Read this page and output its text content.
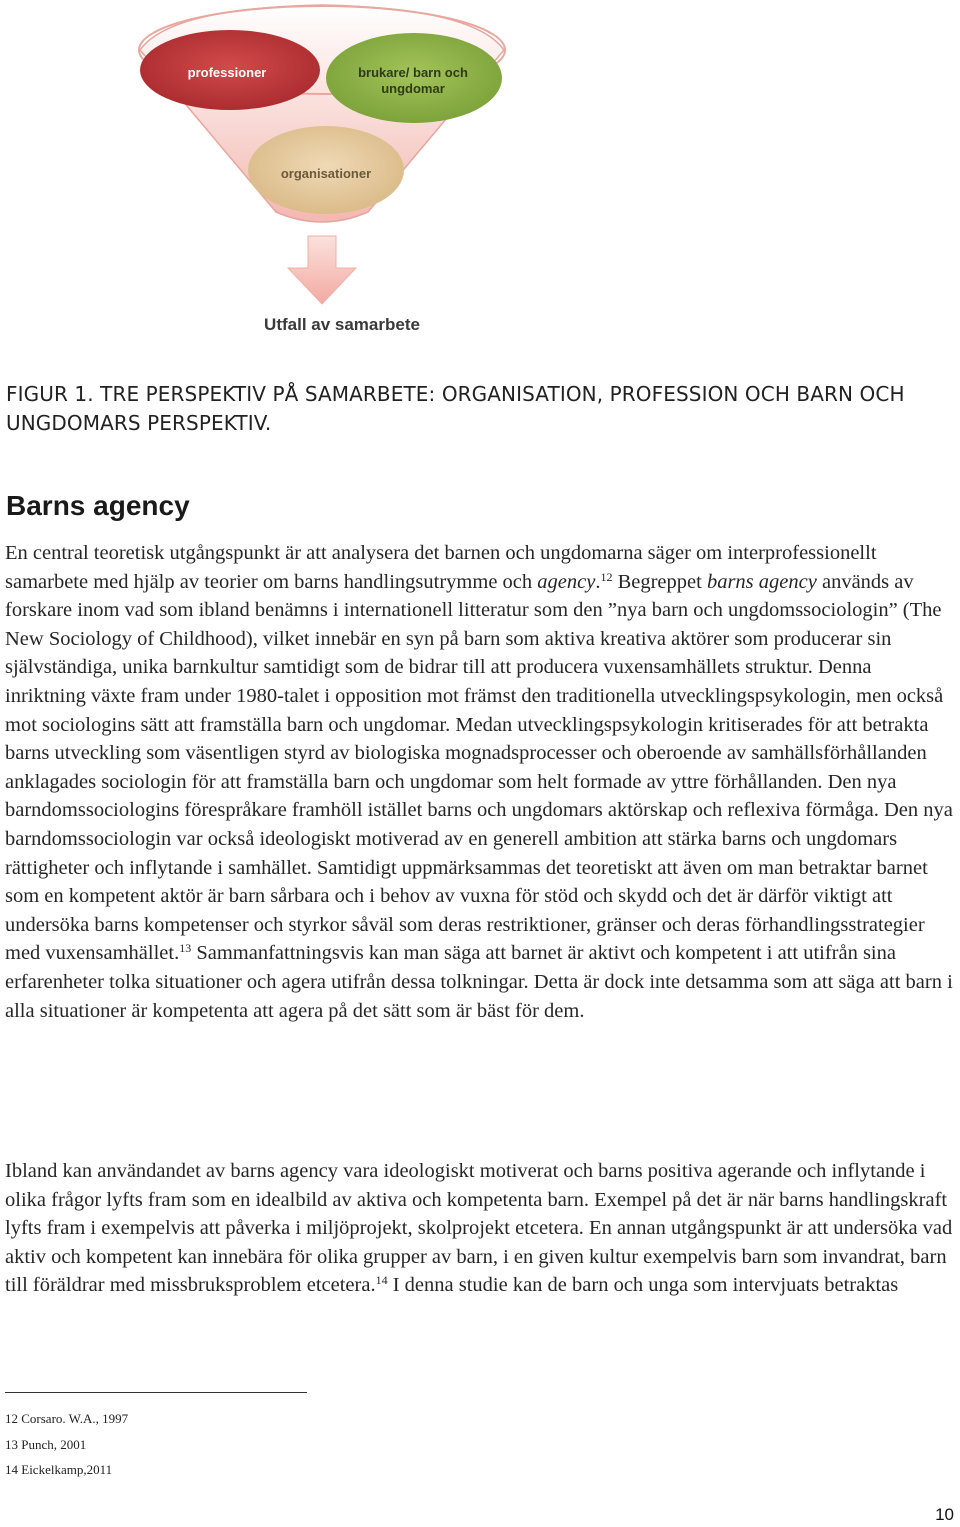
professioner	brukare/ barn och
ungdomar
organisationer
Utfall av samarbete
FIGUR 1. TRE PERSPEKTIV PÅ SAMARBETE: ORGANISATION, PROFESSION OCH BARN OCH
UNGDOMARS PERSPEKTIV.
Barns agency

En central teoretisk utgångspunkt är att analysera det barnen och ungdomarna säger om interprofessionellt samarbete med hjälp av teorier om barns handlingsutrymme och agency.$^{12}$ Begreppet barns agency används av forskare inom vad som ibland benämns i internationell litteratur som den ”nya barn och ungdomssociologin” (The New Sociology of Childhood), vilket innebär en syn på barn som aktiva kreativa aktörer som producerar sin självständiga, unika barnkultur samtidigt som de bidrar till att producera vuxensamhällets struktur. Denna inriktning växte fram under 1980-talet i opposition mot främst den traditionella utvecklingspsykologin, men också mot sociologins sätt att framställa barn och ungdomar. Medan utvecklingspsykologin kritiserades för att betrakta barns utveckling som väsentligen styrd av biologiska mognadsprocesser och oberoende av samhällsförhållanden anklagades sociologin för att framställa barn och ungdomar som helt formade av yttre förhållanden. Den nya barndomssociologins förespråkare framhöll istället barns och ungdomars aktörskap och reflexiva förmåga. Den nya barndomssociologin var också ideologiskt motiverad av en generell ambition att stärka barns och ungdomars rättigheter och inflytande i samhället. Samtidigt uppmärksammas det teoretiskt att även om man betraktar barnet som en kompetent aktör är barn sårbara och i behov av vuxna för stöd och skydd och det är därför viktigt att undersöka barns kompetenser och styrkor såväl som deras restriktioner, gränser och deras förhandlingsstrategier med vuxensamhället.$^{13}$ Sammanfattningsvis kan man säga att barnet är aktivt och kompetent i att utifrån sina erfarenheter tolka situationer och agera utifrån dessa tolkningar. Detta är dock inte detsamma som att säga att barn i alla situationer är kompetenta att agera på det sätt som är bäst för dem.

Ibland kan användandet av barns agency vara ideologiskt motiverat och barns positiva agerande och inflytande i olika frågor lyfts fram som en idealbild av aktiva och kompetenta barn. Exempel på det är när barns handlingskraft lyfts fram i exempelvis att påverka i miljöprojekt, skolprojekt etcetera. En annan utgångspunkt är att undersöka vad aktiv och kompetent kan innebära för olika grupper av barn, i en given kultur exempelvis barn som invandrat, barn till föräldrar med missbruksproblem etcetera.$^{14}$ I denna studie kan de barn och unga som intervjuats betraktas

12 Corsaro. W.A., 1997
13 Punch, 2001
14 Eickelkamp,2011
10
